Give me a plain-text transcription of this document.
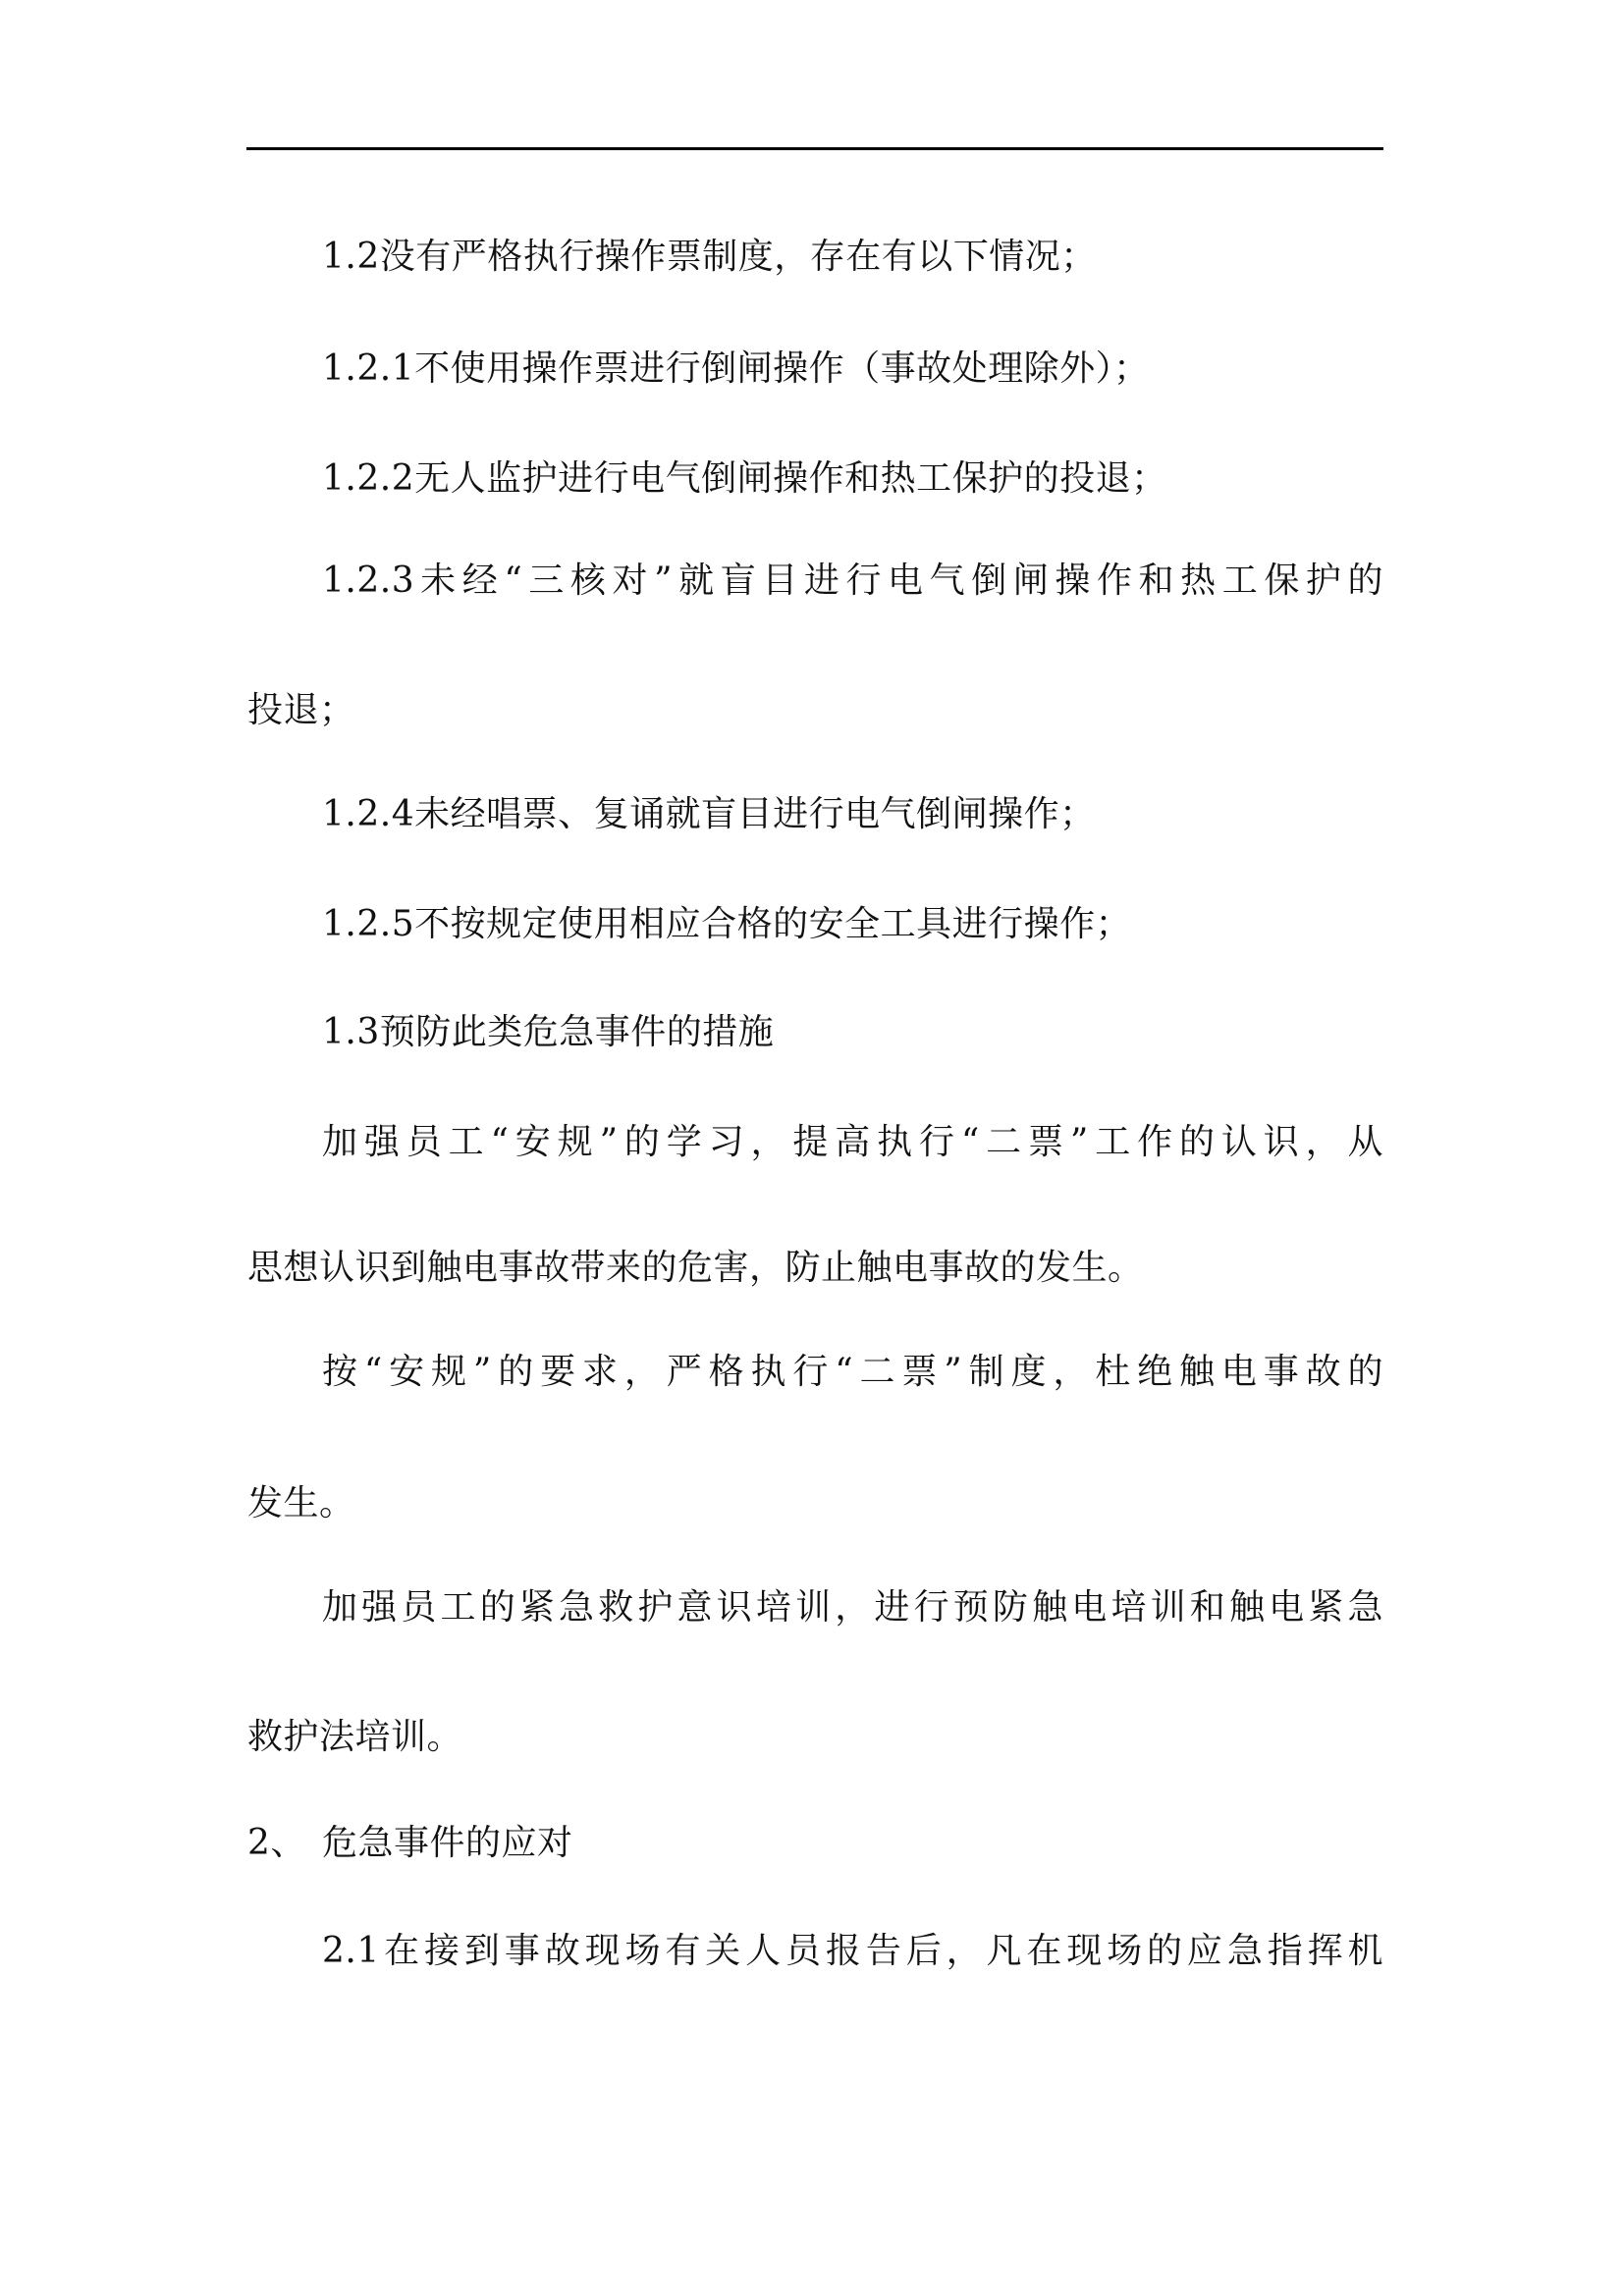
1.2没有严格执行操作票制度，存在有以下情况；
1.2.1不使用操作票进行倒闸操作（事故处理除外）；
1.2.2无人监护进行电气倒闸操作和热工保护的投退；
1.2.3未经“三核对”就盲目进行电气倒闸操作和热工保护的
投退；
1.2.4未经唱票、复诵就盲目进行电气倒闸操作；
1.2.5不按规定使用相应合格的安全工具进行操作；
1.3预防此类危急事件的措施
加强员工“安规”的学习，提高执行“二票”工作的认识，从
思想认识到触电事故带来的危害，防止触电事故的发生。
按“安规”的要求，严格执行“二票”制度，杜绝触电事故的
发生。
加强员工的紧急救护意识培训，进行预防触电培训和触电紧急
救护法培训。
2、 危急事件的应对
2.1在接到事故现场有关人员报告后，凡在现场的应急指挥机
